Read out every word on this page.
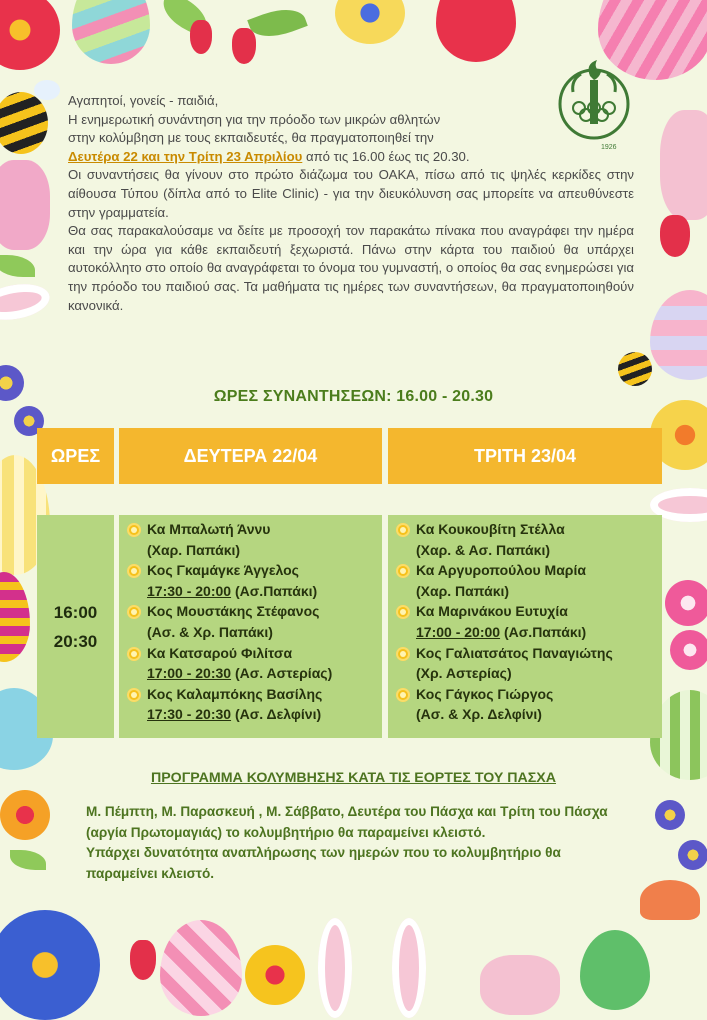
1926

Αγαπητοί, γονείς - παιδιά,

Η ενημερωτική συνάντηση για την πρόοδο των μικρών αθλητών

στην κολύμβηση με τους εκπαιδευτές, θα πραγματοποιηθεί την

Δευτέρα 22 και την Τρίτη 23 Απριλίου από τις 16.00 έως τις 20.30.

Οι συναντήσεις θα γίνουν στο πρώτο διάζωμα του ΟΑΚΑ, πίσω από τις ψηλές κερκίδες στην αίθουσα Τύπου (δίπλα από το Elite Clinic) - για την διευκόλυνση σας μπορείτε να απευθύνεστε στην γραμματεία.

Θα σας παρακαλούσαμε να δείτε με προσοχή τον παρακάτω πίνακα που αναγράφει την ημέρα και την ώρα για κάθε εκπαιδευτή ξεχωριστά. Πάνω στην κάρτα του παιδιού θα υπάρχει αυτοκόλλητο στο οποίο θα αναγράφεται το όνομα του γυμναστή, ο οποίος θα σας ενημερώσει για την πρόοδο του παιδιού σας. Τα μαθήματα τις ημέρες των συναντήσεων, θα πραγματοποιηθούν κανονικά.

ΩΡΕΣ ΣΥΝΑΝΤΗΣΕΩΝ: 16.00 - 20.30
ΩΡΕΣ	ΔΕΥΤΕΡΑ 22/04	ΤΡΙΤΗ 23/04
16:00
20:30
Κα Μπαλωτή Άννυ
(Χαρ. Παπάκι)
Κος Γκαμάγκε Άγγελος
17:30 - 20:00 (Ασ.Παπάκι)
Κος Μουστάκης Στέφανος
(Ασ. & Χρ. Παπάκι)
Κα Κατσαρού Φιλίτσα
17:00 - 20:30 (Ασ. Αστερίας)
Κος Καλαμπόκης Βασίλης
17:30 - 20:30 (Ασ. Δελφίνι)
Κα Κουκουβίτη Στέλλα
(Χαρ. & Ασ. Παπάκι)
Κα Αργυροπούλου Μαρία
(Χαρ. Παπάκι)
Κα Μαρινάκου Ευτυχία
17:00 - 20:00 (Ασ.Παπάκι)
Κος Γαλιατσάτος Παναγιώτης
(Χρ. Αστερίας)
Κος Γάγκος Γιώργος
(Ασ. & Χρ. Δελφίνι)
ΠΡΟΓΡΑΜΜΑ ΚΟΛΥΜΒΗΣΗΣ ΚΑΤΑ ΤΙΣ ΕΟΡΤΕΣ ΤΟΥ ΠΑΣΧΑ

Μ. Πέμπτη, Μ. Παρασκευή , Μ. Σάββατο, Δευτέρα του Πάσχα και Τρίτη του Πάσχα (αργία Πρωτομαγιάς) το κολυμβητήριο θα παραμείνει κλειστό.

Υπάρχει δυνατότητα αναπλήρωσης των ημερών που το κολυμβητήριο θα παραμείνει κλειστό.
